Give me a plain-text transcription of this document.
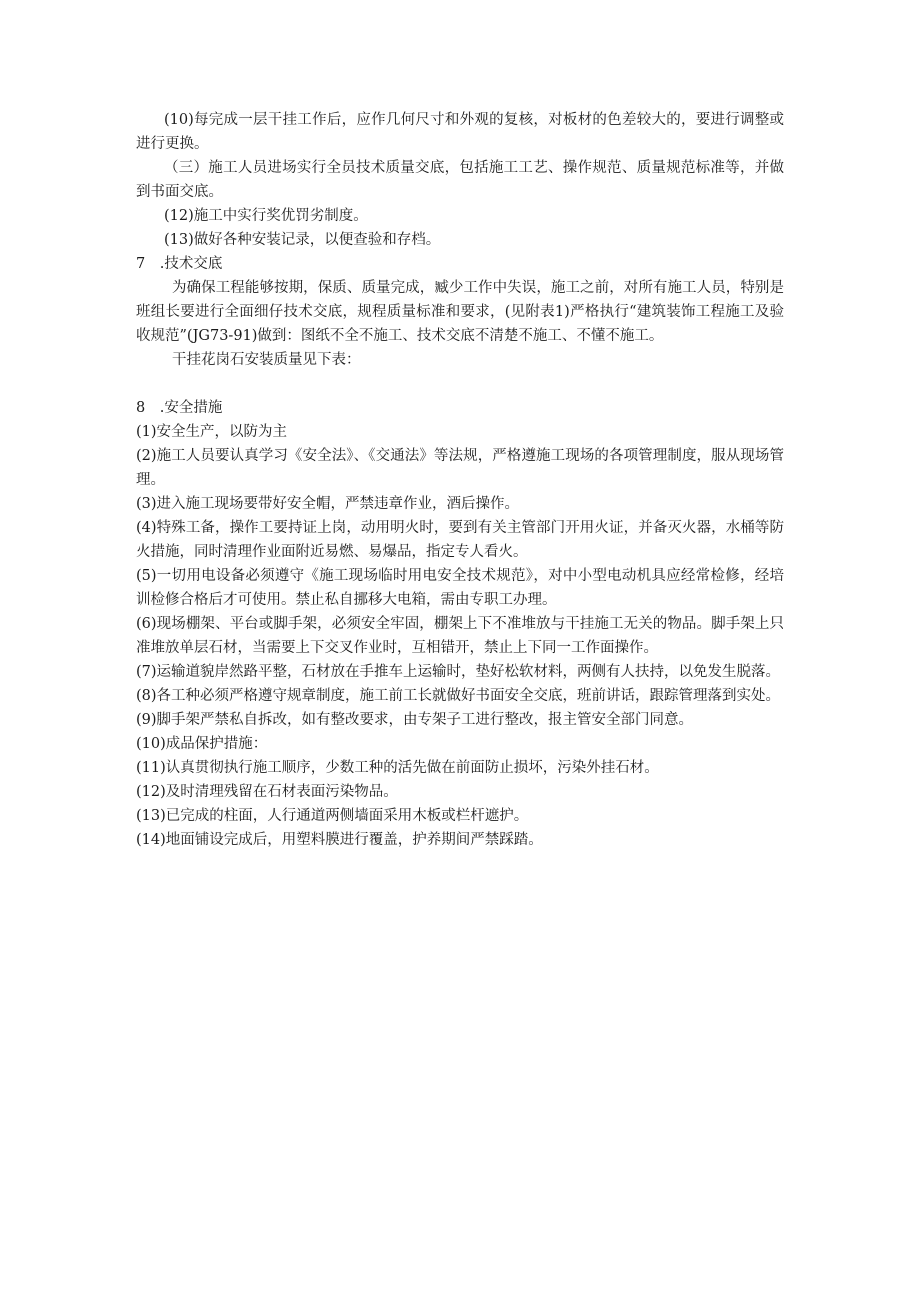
(10)每完成一层干挂工作后，应作几何尺寸和外观的复核，对板材的色差较大的，要进行调整或进行更换。

（三）施工人员进场实行全员技术质量交底，包括施工工艺、操作规范、质量规范标准等，并做到书面交底。

(12)施工中实行奖优罚劣制度。

(13)做好各种安装记录，以便查验和存档。

7　.技术交底

为确保工程能够按期，保质、质量完成，臧少工作中失误，施工之前，对所有施工人员，特别是班组长要进行全面细仔技术交底，规程质量标准和要求，(见附表1)严格执行“建筑装饰工程施工及验收规范”(JG73-91)做到：图纸不全不施工、技术交底不清楚不施工、不懂不施工。

干挂花岗石安装质量见下表：

8　.安全措施

(1)安全生产，以防为主

(2)施工人员要认真学习《安全法》、《交通法》等法规，严格遵施工现场的各项管理制度，服从现场管理。

(3)进入施工现场要带好安全帽，严禁违章作业，酒后操作。

(4)特殊工备，操作工要持证上岗，动用明火时，要到有关主管部门开用火证，并备灭火器，水桶等防火措施，同时清理作业面附近易燃、易爆品，指定专人看火。

(5)一切用电设备必须遵守《施工现场临时用电安全技术规范》，对中小型电动机具应经常检修，经培训检修合格后才可使用。禁止私自挪移大电箱，需由专职工办理。

(6)现场棚架、平台或脚手架，必须安全牢固，棚架上下不准堆放与干挂施工无关的物品。脚手架上只准堆放单层石材，当需要上下交叉作业时，互相错开，禁止上下同一工作面操作。

(7)运输道貌岸然路平整，石材放在手推车上运输时，垫好松软材料，两侧有人扶持，以免发生脱落。

(8)各工种必须严格遵守规章制度，施工前工长就做好书面安全交底，班前讲话，跟踪管理落到实处。

(9)脚手架严禁私自拆改，如有整改要求，由专架子工进行整改，报主管安全部门同意。

(10)成品保护措施：

(11)认真贯彻执行施工顺序，少数工种的活先做在前面防止损坏，污染外挂石材。

(12)及时清理残留在石材表面污染物品。

(13)已完成的柱面，人行通道两侧墙面采用木板或栏杆遮护。

(14)地面铺设完成后，用塑料膜进行覆盖，护养期间严禁踩踏。
